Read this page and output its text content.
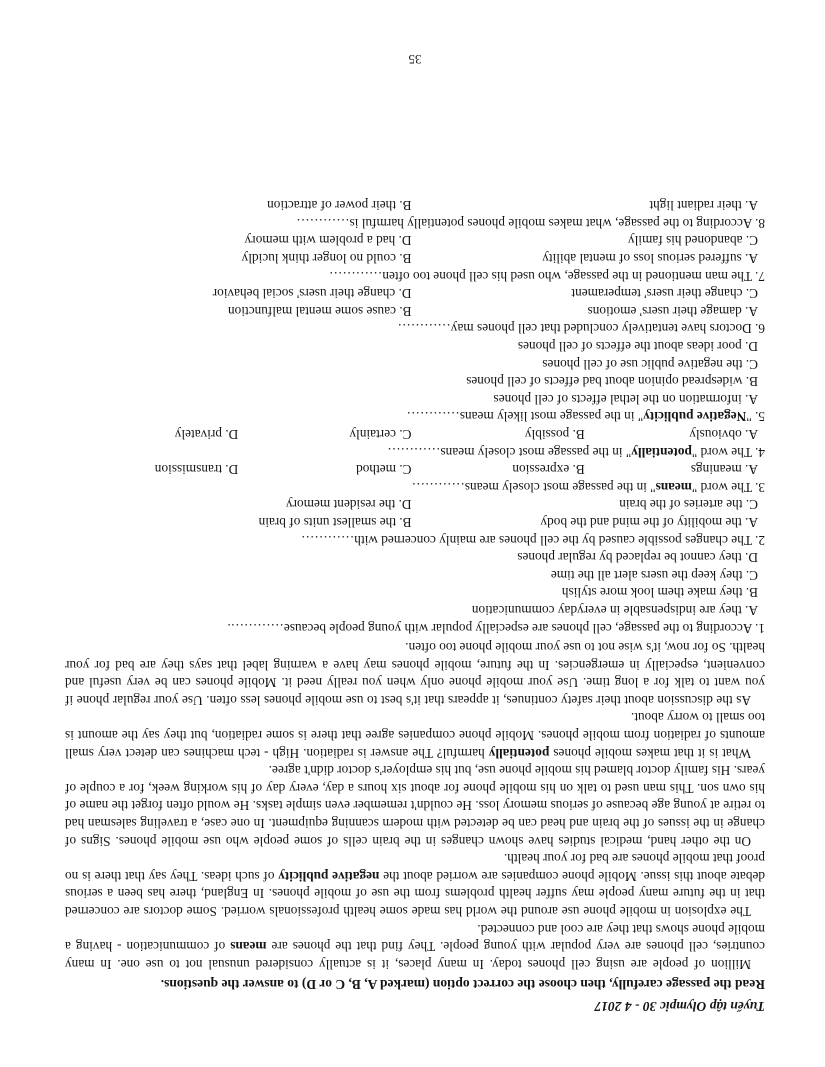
Tuyển tập Olympic 30 - 4 2017
Read the passage carefully, then choose the correct option (marked A, B, C or D) to answer the questions.

Million of people are using cell phones today. In many places, it is actually considered unusual not to use one. In many countries, cell phones are very popular with young people. They find that the phones are means of communication - having a mobile phone shows that they are cool and connected.

The explosion in mobile phone use around the world has made some health professionals worried. Some doctors are concerned that in the future many people may suffer health problems from the use of mobile phones. In England, there has been a serious debate about this issue. Mobile phone companies are worried about the negative publicity of such ideas. They say that there is no proof that mobile phones are bad for your health.

On the other hand, medical studies have shown changes in the brain cells of some people who use mobile phones. Signs of change in the issues of the brain and head can be detected with modern scanning equipment. In one case, a traveling salesman had to retire at young age because of serious memory loss. He couldn't remember even simple tasks. He would often forget the name of his own son. This man used to talk on his mobile phone for about six hours a day, every day of his working week, for a couple of years. His family doctor blamed his mobile phone use, but his employer's doctor didn't agree.

What is it that makes mobile phones potentially harmful? The answer is radiation. High - tech machines can detect very small amounts of radiation from mobile phones. Mobile phone companies agree that there is some radiation, but they say the amount is too small to worry about.

As the discussion about their safety continues, it appears that it's best to use mobile phones less often. Use your regular phone if you want to talk for a long time. Use your mobile phone only when you really need it. Mobile phones can be very useful and convenient, especially in emergencies. In the future, mobile phones may have a warning label that says they are bad for your health. So for now, it's wise not to use your mobile phone too often.

1. According to the passage, cell phones are especially popular with young people because………….

A. they are indispensable in everyday communication
B. they make them look more stylish
C. they keep the users alert all the time
D. they cannot be replaced by regular phones

2. The changes possible caused by the cell phones are mainly concerned with…………

A. the mobility of the mind and the body
B. the smallest units of brain
C. the arteries of the brain
D. the resident memory

3. The word "means" in the passage most closely means…………

A. meanings
B. expression
C. method
D. transmission

4. The word "potentially" in the passage most closely means…………

A. obviously
B. possibly
C. certainly
D. privately

5. "Negative publicity" in the passage most likely means…………

A. information on the lethal effects of cell phones
B. widespread opinion about bad effects of cell phones
C. the negative public use of cell phones
D. poor ideas about the effects of cell phones

6. Doctors have tentatively concluded that cell phones may…………

A. damage their users' emotions
B. cause some mental malfunction
C. change their users' temperament
D. change their users' social behavior

7. The man mentioned in the passage, who used his cell phone too often…………

A. suffered serious loss of mental ability
B. could no longer think lucidly
C. abandoned his family
D. had a problem with memory

8. According to the passage, what makes mobile phones potentially harmful is…………

A. their radiant light
B. their power of attraction
35
